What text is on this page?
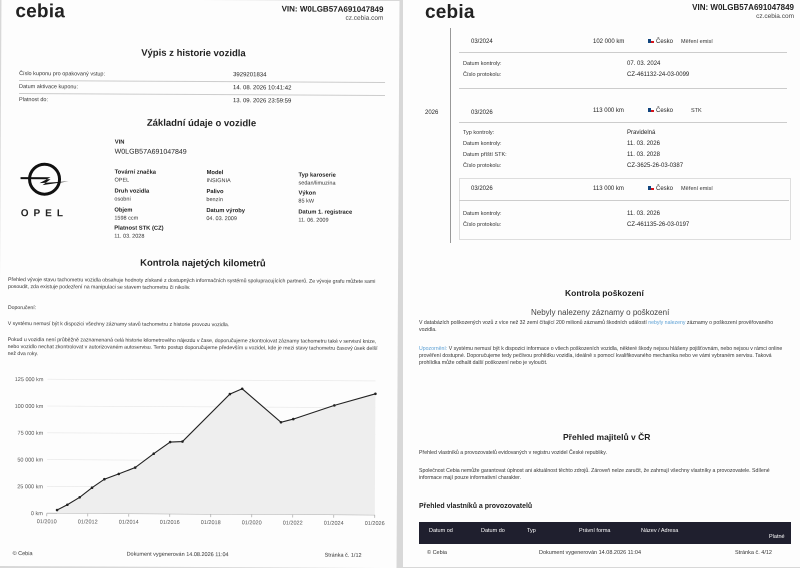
cebia	VIN: W0LGB57A691047849
cz.cebia.com
Výpis z historie vozidla
Číslo kuponu pro opakovaný vstup:	3929201834
Datum aktivace kuponu:	14. 08. 2026 10:41:42
Platnost do:	13. 09. 2026 23:59:59
Základní údaje o vozidle
OPEL
VIN
W0LGB57A691047849
Tovární značka
OPEL
Model
INSIGNIA
Typ karoserie
sedan/limuzína
Druh vozidla
osobní
Palivo
benzín
Výkon
85 kW
Objem
1598 ccm
Datum výroby
04. 03. 2009
Datum 1. registrace
11. 06. 2009
Platnost STK (CZ)
11. 03. 2028
Kontrola najetých kilometrů
Přehled vývoje stavu tachometru vozidla obsahuje hodnoty získané z dostupných informačních systémů spolupracujících partnerů. Ze vývoje grafu můžete sami posoudit, zda existuje podezření na manipulaci se stavem tachometru či nikoliv.
Doporučení:
V systému nemusí být k dispozici všechny záznamy stavů tachometru z historie provozu vozidla.
Pokud u vozidla není průběžně zaznamenaná celá historie kilometrového nájezdu v čase, doporučujeme zkontrolovat záznamy tachometru také v servisní knize, nebo vozidlo nechat zkontrolovat v autorizovaném autoservisu. Tento postup doporučujeme především u vozidel, kde je mezi stavy tachometru časový úsek delší než dva roky.
0 km
25 000 km
50 000 km
75 000 km
100 000 km
125 000 km
01/2010	01/2012	01/2014	01/2016	01/2018	01/2020	01/2022	01/2024	01/2026
© Cebia	Dokument vygenerován 14.08.2026 11:04	Stránka č. 1/12
cebia	VIN: W0LGB57A691047849
cz.cebia.com
03/2024	102 000 km	Česko Měření emisí
Datum kontroly:	07. 03. 2024
Číslo protokolu:	CZ-461132-24-03-0099
2026	03/2026	113 000 km	Česko	STK
Typ kontroly:	Pravidelná
Datum kontroly:	11. 03. 2026
Datum příští STK:	11. 03. 2028
Číslo protokolu:	CZ-3625-26-03-0387
03/2026	113 000 km	Česko Měření emisí
Datum kontroly:	11. 03. 2026
Číslo protokolu:	CZ-461135-26-03-0197
Kontrola poškození
Nebyly nalezeny záznamy o poškození
V databázích poškozených vozů z více než 32 zemí čítající 200 milionů záznamů škodních událostí nebyly nalezeny záznamy o poškození prověřovaného vozidla.
Upozornění: V systému nemusí být k dispozici informace o všech poškozeních vozidla, některé škody nejsou hlášeny pojišťovnám, nebo nejsou v rámci online prověření dostupné. Doporučujeme tedy pečlivou prohlídku vozidla, ideálně s pomocí kvalifikovaného mechanika nebo ve vámi vybraném servisu. Taková prohlídka může odhalit další poškození nebo je vyloučit.
Přehled majitelů v ČR
Přehled vlastníků a provozovatelů evidovaných v registru vozidel České republiky.
Společnost Cebia nemůže garantovat úplnost ani aktuálnost těchto zdrojů. Zároveň nelze zaručit, že zahrnují všechny vlastníky a provozovatele. Sdílené informace mají pouze informativní charakter.
Přehled vlastníků a provozovatelů
Datum od	Datum do	Typ	Právní forma	Název / Adresa
Platné
© Cebia	Dokument vygenerován 14.08.2026 11:04	Stránka č. 4/12
